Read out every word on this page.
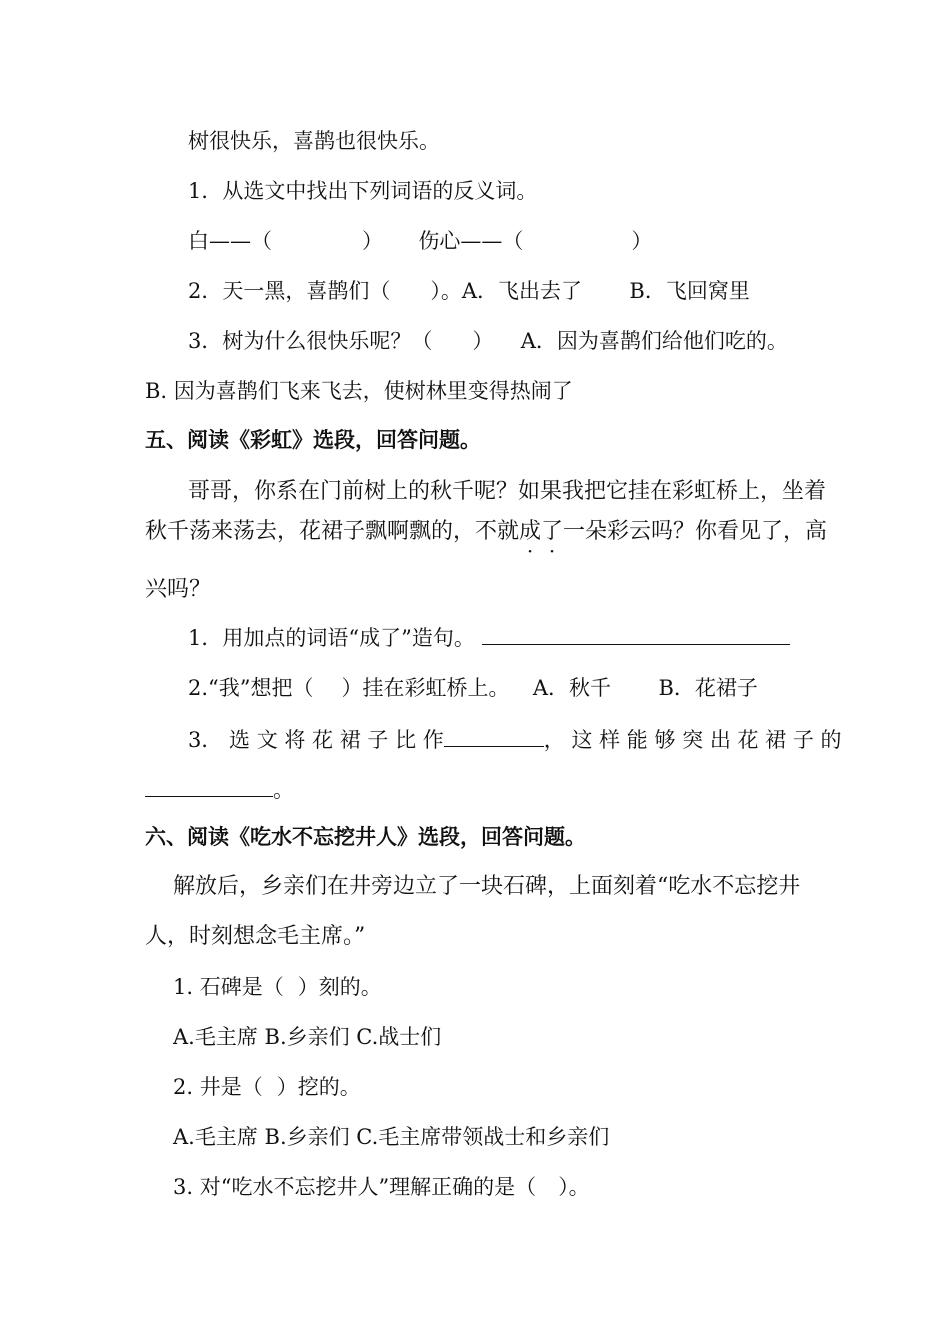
树很快乐，喜鹊也很快乐。
1．从选文中找出下列词语的反义词。
白——（	） 伤心——（	）
2．天一黑，喜鹊们（ ）。A．飞出去了 B．飞回窝里
3．树为什么很快乐呢？（ ） A．因为喜鹊们给他们吃的。
B. 因为喜鹊们飞来飞去，使树林里变得热闹了
五、阅读《彩虹》选段，回答问题。
哥哥，你系在门前树上的秋千呢？如果我把它挂在彩虹桥上，坐着
秋千荡来荡去，花裙子飘啊飘的，不就成了一朵彩云吗？你看见了，高
兴吗？
1．用加点的词语“成了”造句。
2.“我”想把（ ）挂在彩虹桥上。 A．秋千 B．花裙子
3． 选 文 将 花 裙 子 比 作	， 这 样 能 够 突 出 花 裙 子 的
。
六、阅读《吃水不忘挖井人》选段，回答问题。
解放后，乡亲们在井旁边立了一块石碑，上面刻着“吃水不忘挖井
人，时刻想念毛主席。”
1. 石碑是（ ）刻的。
A.毛主席 B.乡亲们 C.战士们
2. 井是（ ）挖的。
A.毛主席 B.乡亲们 C.毛主席带领战士和乡亲们
3. 对“吃水不忘挖井人”理解正确的是（ ）。
